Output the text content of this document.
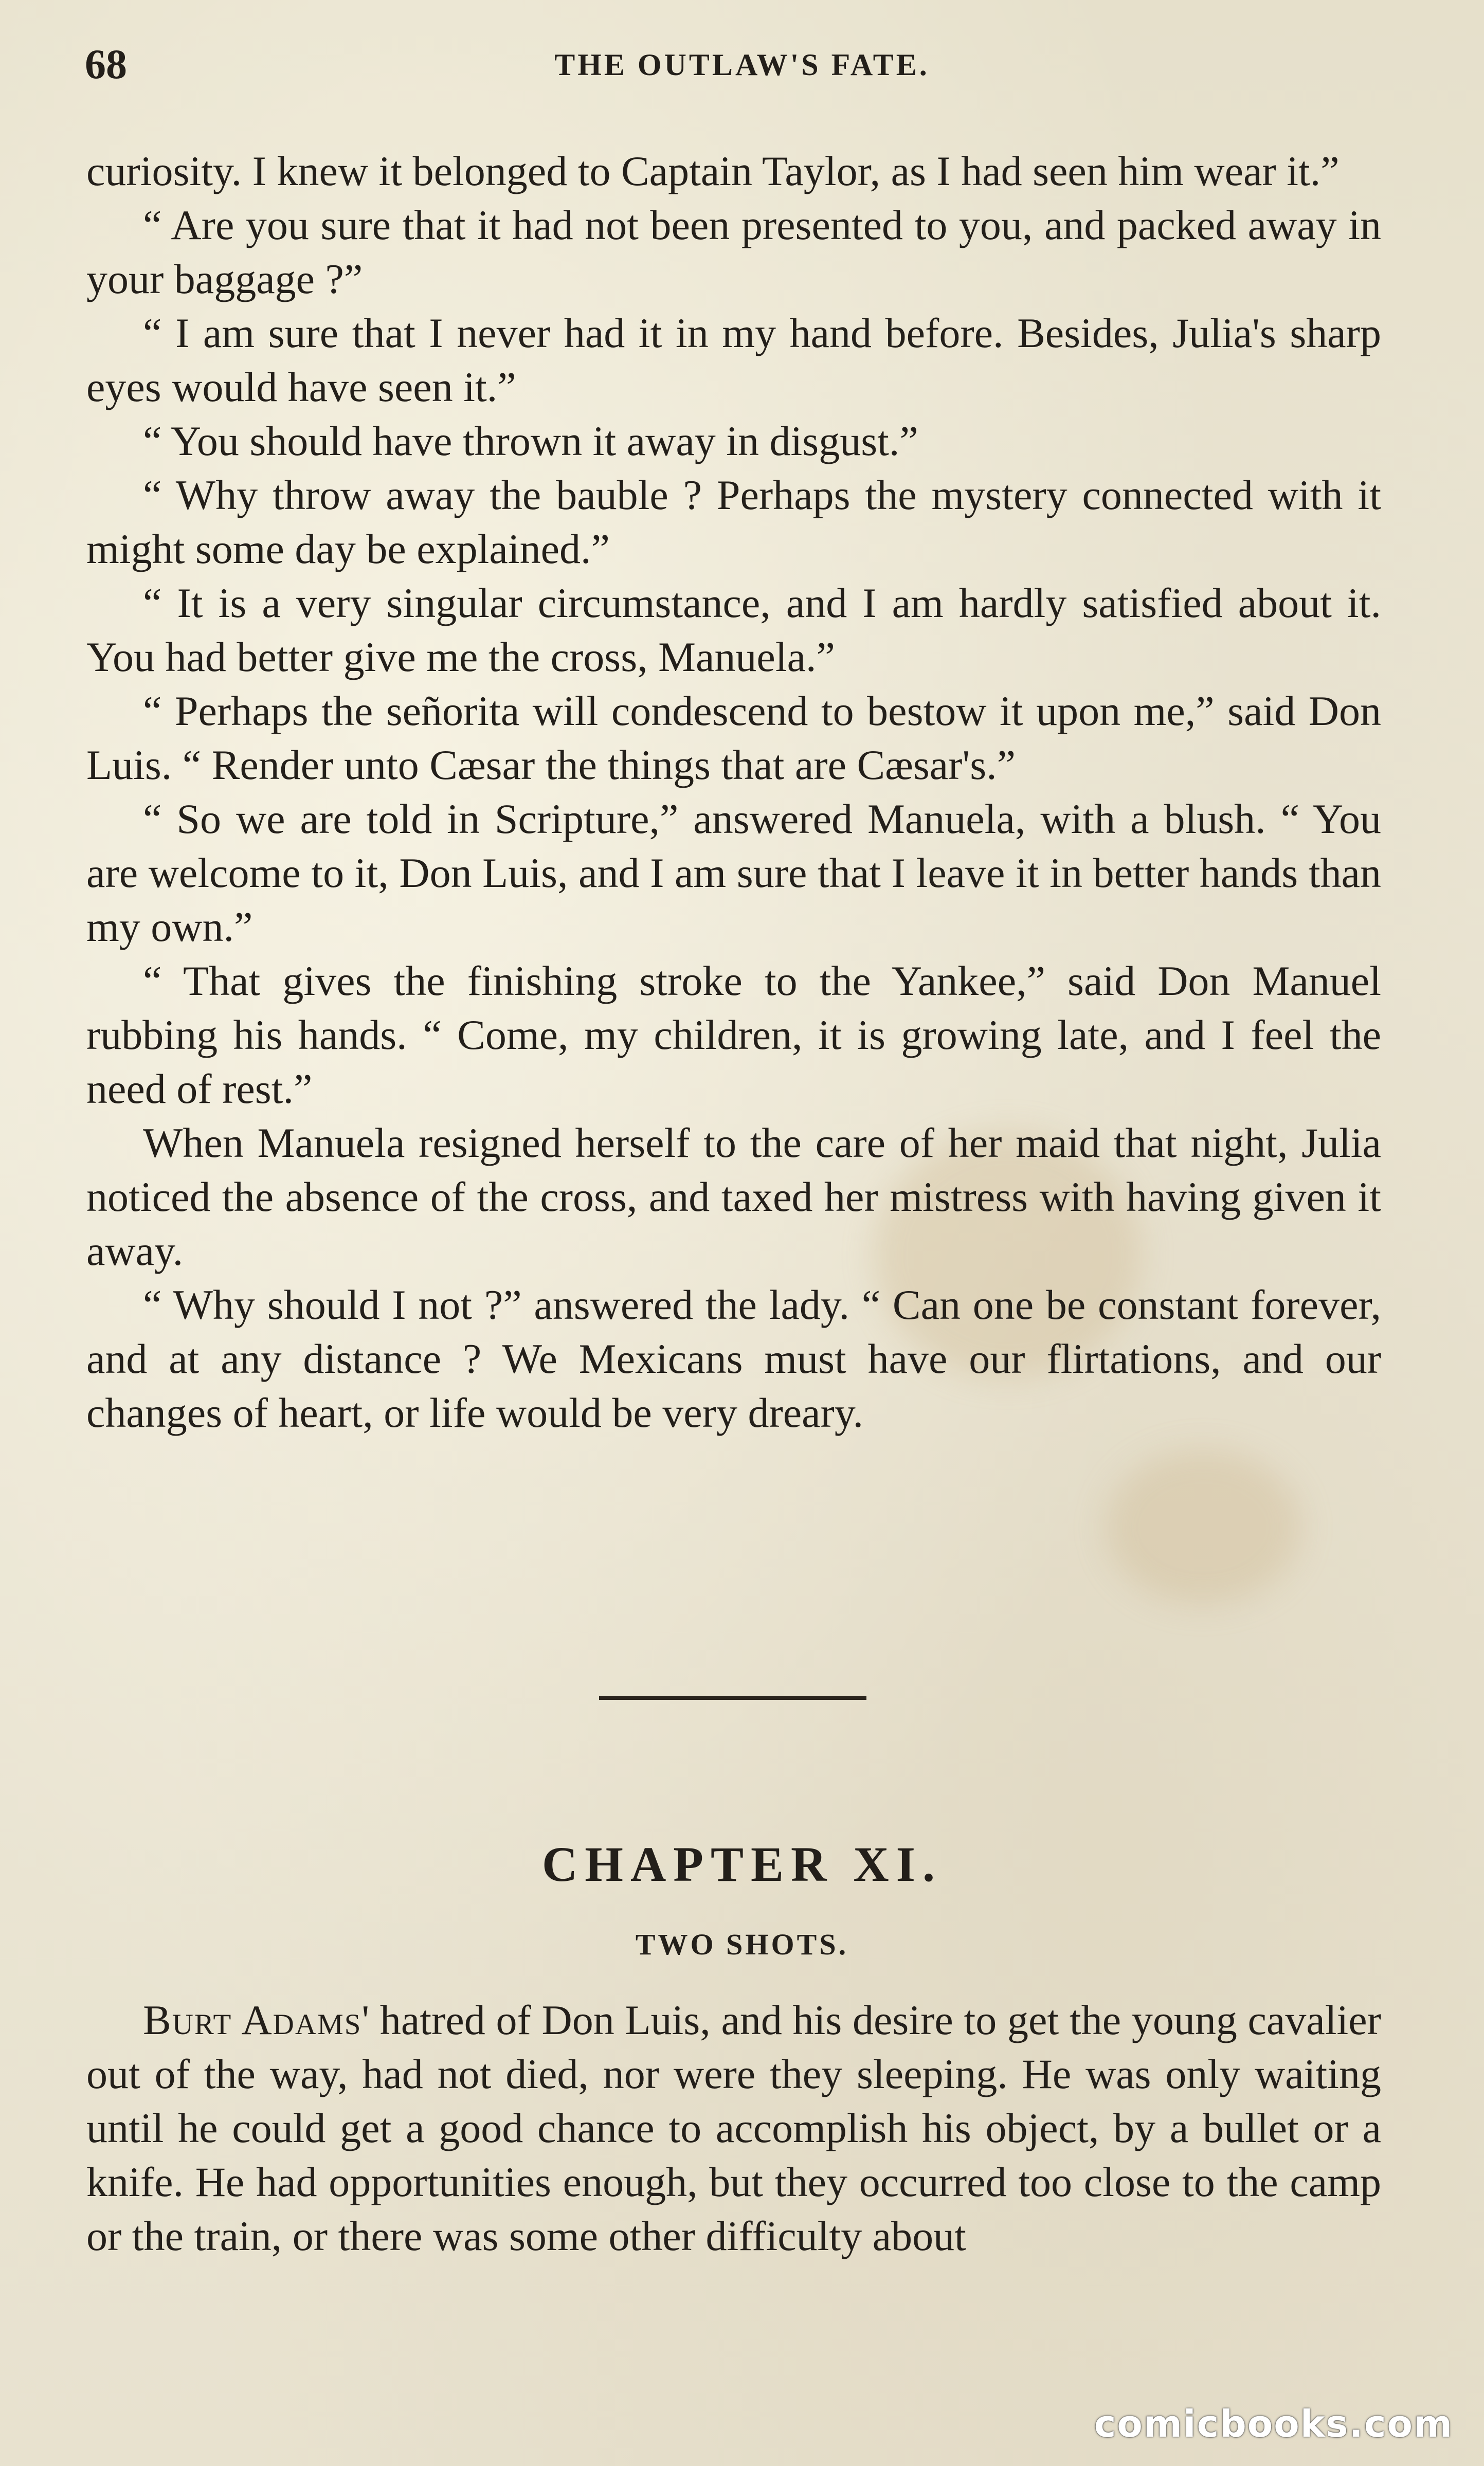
68	THE OUTLAW'S FATE.

curiosity. I knew it belonged to Captain Taylor, as I had seen him wear it.”

“ Are you sure that it had not been presented to you, and packed away in your baggage ?”

“ I am sure that I never had it in my hand before. Besides, Julia's sharp eyes would have seen it.”

“ You should have thrown it away in disgust.”

“ Why throw away the bauble ? Perhaps the mystery connected with it might some day be explained.”

“ It is a very singular circumstance, and I am hardly satisfied about it. You had better give me the cross, Manuela.”

“ Perhaps the señorita will condescend to bestow it upon me,” said Don Luis. “ Render unto Cæsar the things that are Cæsar's.”

“ So we are told in Scripture,” answered Manuela, with a blush. “ You are welcome to it, Don Luis, and I am sure that I leave it in better hands than my own.”

“ That gives the finishing stroke to the Yankee,” said Don Manuel rubbing his hands. “ Come, my children, it is growing late, and I feel the need of rest.”

When Manuela resigned herself to the care of her maid that night, Julia noticed the absence of the cross, and taxed her mistress with having given it away.

“ Why should I not ?” answered the lady. “ Can one be constant forever, and at any distance ? We Mexicans must have our flirtations, and our changes of heart, or life would be very dreary.

CHAPTER XI.
TWO SHOTS.

Burt Adams' hatred of Don Luis, and his desire to get the young cavalier out of the way, had not died, nor were they sleeping. He was only waiting until he could get a good chance to accomplish his object, by a bullet or a knife. He had opportunities enough, but they occurred too close to the camp or the train, or there was some other difficulty about

comicbooks.com
